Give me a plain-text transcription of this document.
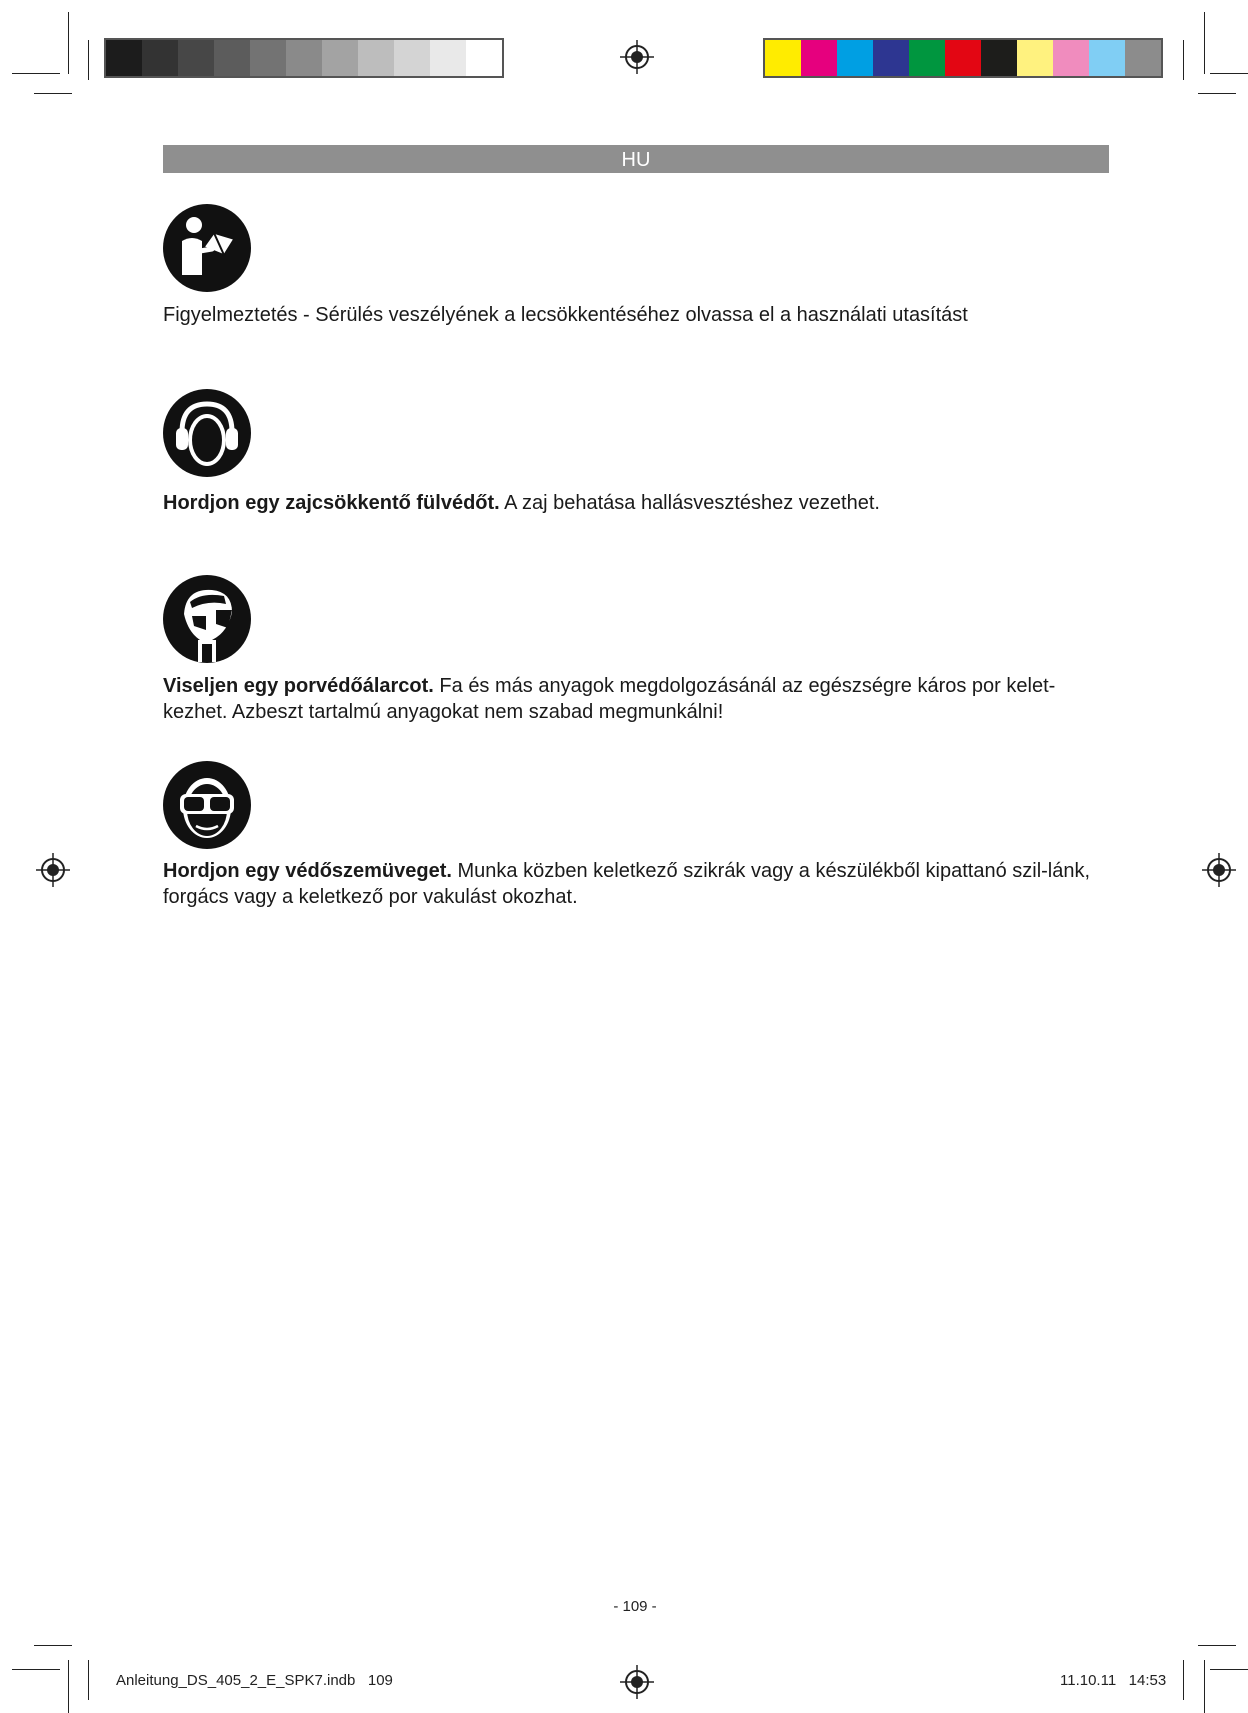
HU
Figyelmeztetés - Sérülés veszélyének a lecsökkentéséhez olvassa el a használati utasítást
Hordjon egy zajcsökkentő fülvédőt. A zaj behatása hallásvesztéshez vezethet.
Viseljen egy porvédőálarcot. Fa és más anyagok megdolgozásánál az egészségre káros por kelet-kezhet. Azbeszt tartalmú anyagokat nem szabad megmunkálni!
Hordjon egy védőszemüveget. Munka közben keletkező szikrák vagy a készülékből kipattanó szil-lánk, forgács vagy a keletkező por vakulást okozhat.
- 109 -
Anleitung_DS_405_2_E_SPK7.indb   109	11.10.11   14:53
